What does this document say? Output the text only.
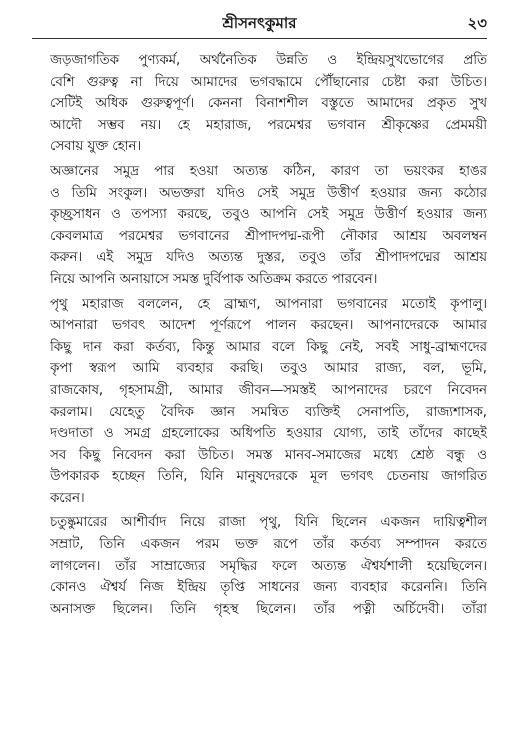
শ্রীসনৎকুমার	২৩
জড়জাগতিক পুণ্যকর্ম, অর্থনৈতিক উন্নতি ও ইন্দ্রিয়সুখভোগের প্রতি
বেশি গুরুত্ব না দিয়ে আমাদের ভগবদ্ধামে পৌঁছানোর চেষ্টা করা উচিত।
সেটিই অধিক গুরুত্বপূর্ণ। কেননা বিনাশশীল বস্তুতে আমাদের প্রকৃত সুখ
আদৌ সম্ভব নয়। হে মহারাজ, পরমেশ্বর ভগবান শ্রীকৃষ্ণের প্রেমময়ী
সেবায় যুক্ত হোন।
অজ্ঞানের সমুদ্র পার হওয়া অত্যন্ত কঠিন, কারণ তা ভয়ংকর হাঙর
ও তিমি সংকুল। অভক্তরা যদিও সেই সমুদ্র উত্তীর্ণ হওয়ার জন্য কঠোর
কৃচ্ছ্রসাধন ও তপস্যা করছে, তবুও আপনি সেই সমুদ্র উত্তীর্ণ হওয়ার জন্য
কেবলমাত্র পরমেশ্বর ভগবানের শ্রীপাদপদ্ম-রূপী নৌকার আশ্রয় অবলম্বন
করুন। এই সমুদ্র যদিও অত্যন্ত দুস্তর, তবুও তাঁর শ্রীপাদপদ্মের আশ্রয়
নিয়ে আপনি অনায়াসে সমস্ত দুর্বিপাক অতিক্রম করতে পারবেন।
পৃথু মহারাজ বললেন, হে ব্রাহ্মণ, আপনারা ভগবানের মতোই কৃপালু।
আপনারা ভগবৎ আদেশ পূর্ণরূপে পালন করছেন। আপনাদেরকে আমার
কিছু দান করা কর্তব্য, কিন্তু আমার বলে কিছু নেই, সবই সাধু-ব্রাহ্মণদের
কৃপা স্বরূপ আমি ব্যবহার করছি। তবুও আমার রাজ্য, বল, ভূমি,
রাজকোষ, গৃহসামগ্রী, আমার জীবন—সমস্তই আপনাদের চরণে নিবেদন
করলাম। যেহেতু বৈদিক জ্ঞান সমন্বিত ব্যক্তিই সেনাপতি, রাজ্যশাসক,
দণ্ডদাতা ও সমগ্র গ্রহলোকের অধিপতি হওয়ার যোগ্য, তাই তাঁদের কাছেই
সব কিছু নিবেদন করা উচিত। সমস্ত মানব-সমাজের মধ্যে শ্রেষ্ঠ বন্ধু ও
উপকারক হচ্ছেন তিনি, যিনি মানুষদেরকে মূল ভগবৎ চেতনায় জাগরিত
করেন।
চতুষ্কুমারের আশীর্বাদ নিয়ে রাজা পৃথু, যিনি ছিলেন একজন দায়িত্বশীল
সম্রাট, তিনি একজন পরম ভক্ত রূপে তাঁর কর্তব্য সম্পাদন করতে
লাগলেন। তাঁর সাম্রাজ্যের সমৃদ্ধির ফলে অত্যন্ত ঐশ্বর্যশালী হয়েছিলেন।
কোনও ঐশ্বর্য নিজ ইন্দ্রিয় তৃপ্তি সাধনের জন্য ব্যবহার করেননি। তিনি
অনাসক্ত ছিলেন। তিনি গৃহস্থ ছিলেন। তাঁর পত্নী অর্চিদেবী। তাঁরা
